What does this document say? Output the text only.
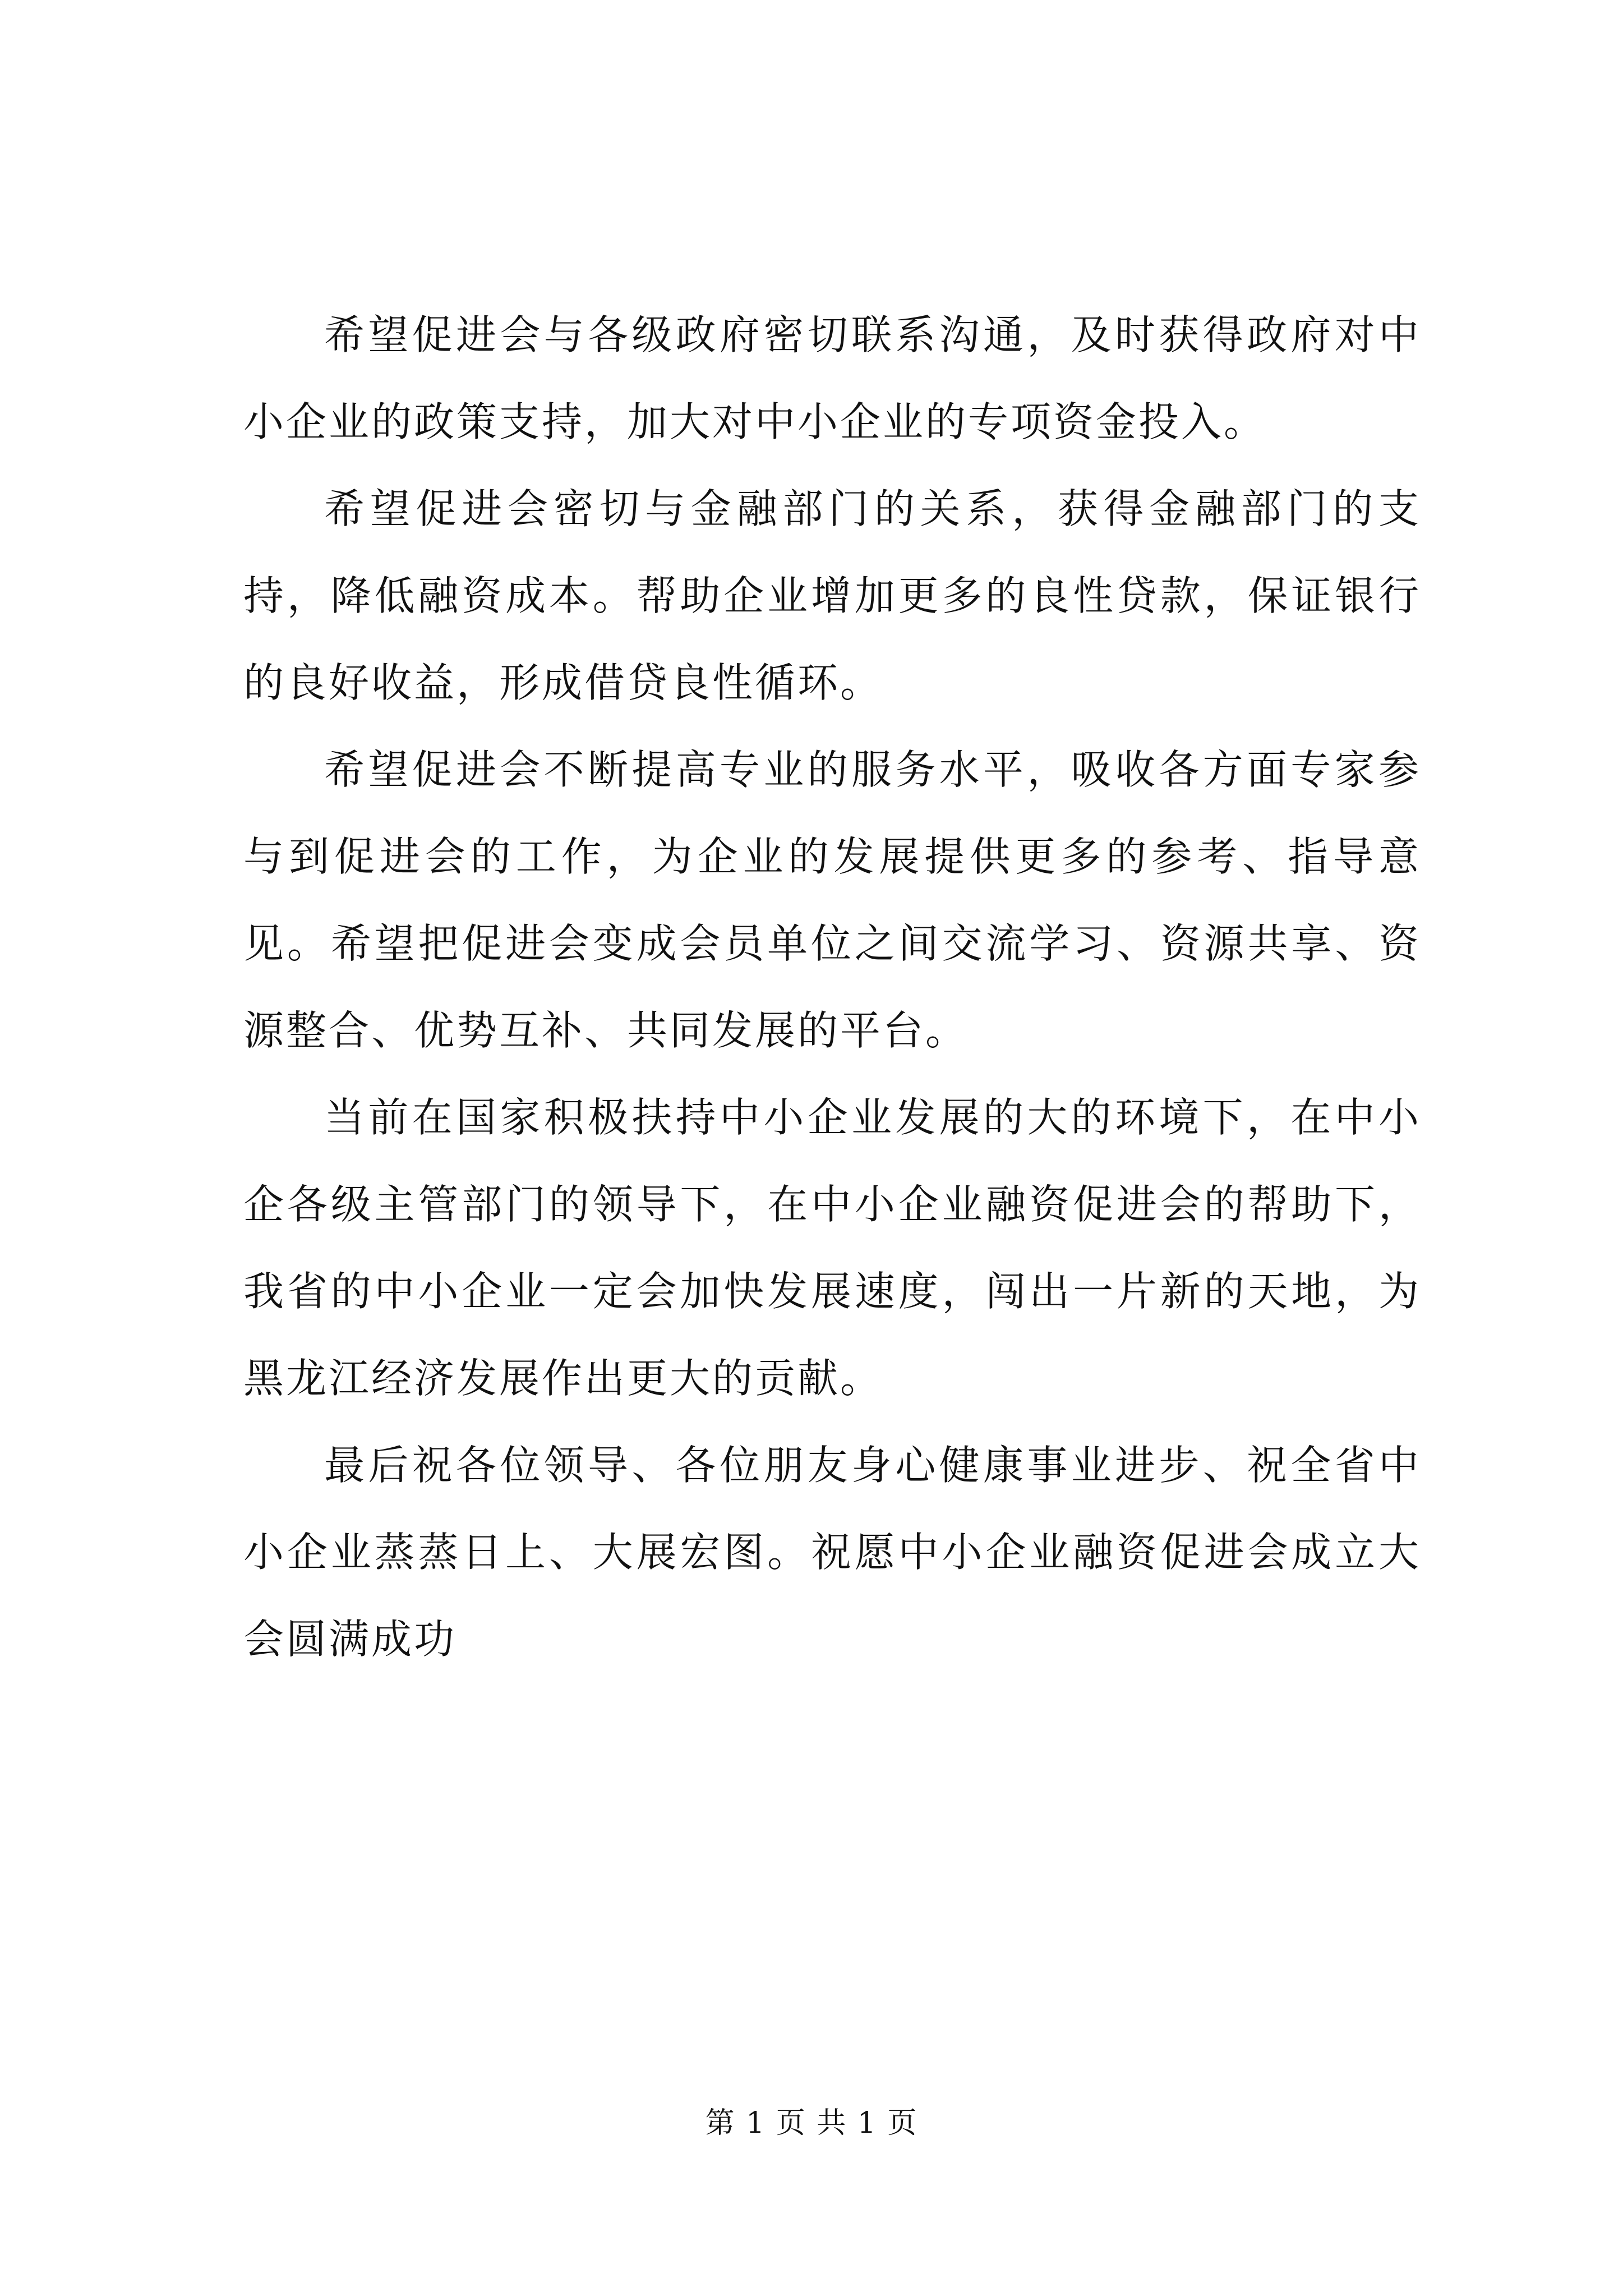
希望促进会与各级政府密切联系沟通，及时获得政府对中小企业的政策支持，加大对中小企业的专项资金投入。

希望促进会密切与金融部门的关系，获得金融部门的支持，降低融资成本。帮助企业增加更多的良性贷款，保证银行的良好收益，形成借贷良性循环。

希望促进会不断提高专业的服务水平，吸收各方面专家参与到促进会的工作，为企业的发展提供更多的参考、指导意见。希望把促进会变成会员单位之间交流学习、资源共享、资源整合、优势互补、共同发展的平台。

当前在国家积极扶持中小企业发展的大的环境下，在中小企各级主管部门的领导下，在中小企业融资促进会的帮助下，我省的中小企业一定会加快发展速度，闯出一片新的天地，为黑龙江经济发展作出更大的贡献。

最后祝各位领导、各位朋友身心健康事业进步、祝全省中小企业蒸蒸日上、大展宏图。祝愿中小企业融资促进会成立大会圆满成功

第 1 页 共 1 页
